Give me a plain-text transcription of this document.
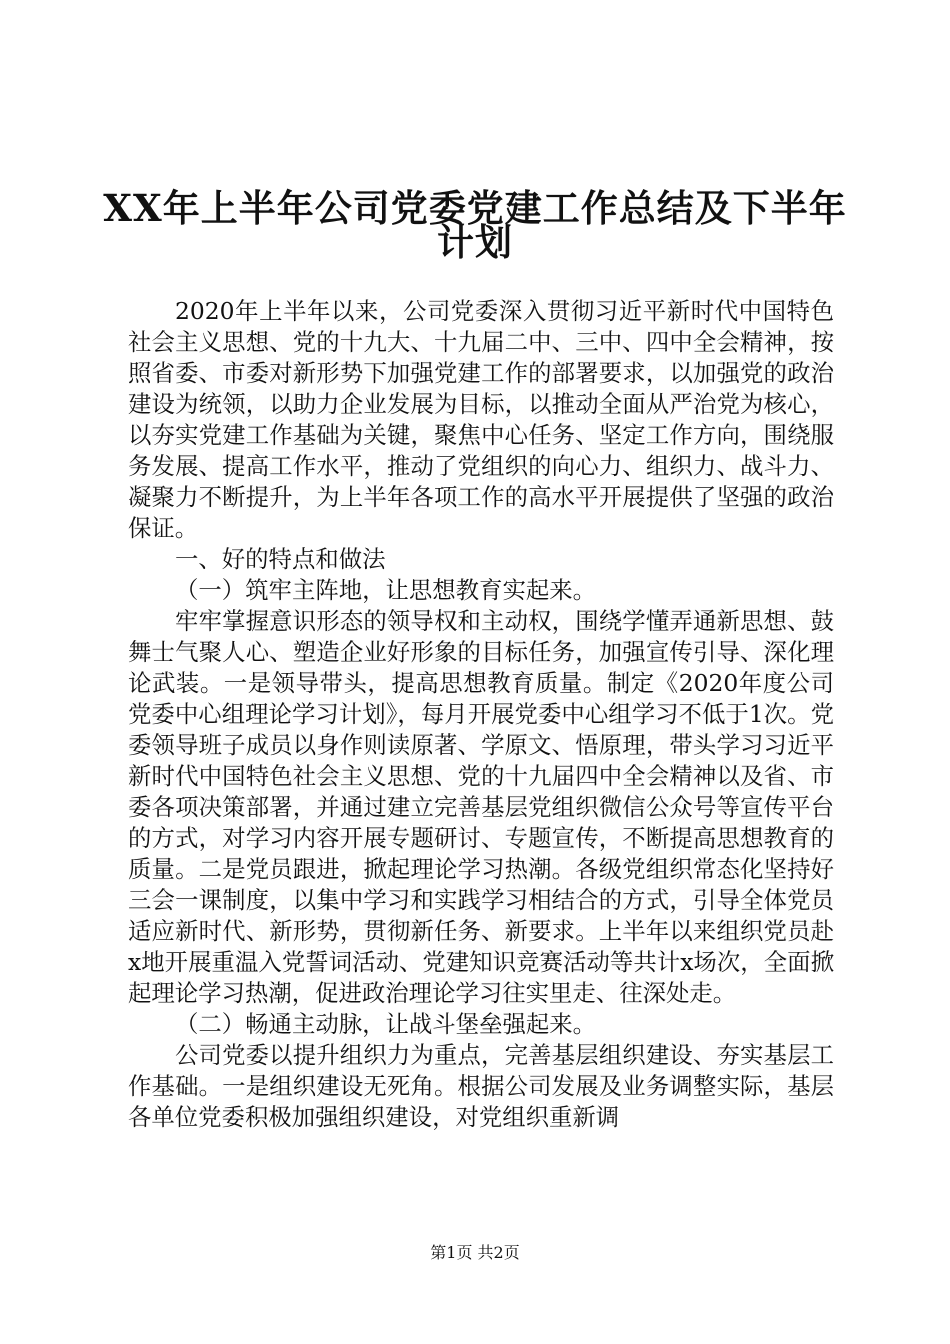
XX年上半年公司党委党建工作总结及下半年
计划

2020年上半年以来，公司党委深入贯彻习近平新时代中国特色社会主义思想、党的十九大、十九届二中、三中、四中全会精神，按照省委、市委对新形势下加强党建工作的部署要求，以加强党的政治建设为统领，以助力企业发展为目标，以推动全面从严治党为核心，以夯实党建工作基础为关键，聚焦中心任务、坚定工作方向，围绕服务发展、提高工作水平，推动了党组织的向心力、组织力、战斗力、凝聚力不断提升，为上半年各项工作的高水平开展提供了坚强的政治保证。

一、好的特点和做法

（一）筑牢主阵地，让思想教育实起来。

牢牢掌握意识形态的领导权和主动权，围绕学懂弄通新思想、鼓舞士气聚人心、塑造企业好形象的目标任务，加强宣传引导、深化理论武装。一是领导带头，提高思想教育质量。制定《2020年度公司党委中心组理论学习计划》，每月开展党委中心组学习不低于1次。党委领导班子成员以身作则读原著、学原文、悟原理，带头学习习近平新时代中国特色社会主义思想、党的十九届四中全会精神以及省、市委各项决策部署，并通过建立完善基层党组织微信公众号等宣传平台的方式，对学习内容开展专题研讨、专题宣传，不断提高思想教育的质量。二是党员跟进，掀起理论学习热潮。各级党组织常态化坚持好三会一课制度，以集中学习和实践学习相结合的方式，引导全体党员适应新时代、新形势，贯彻新任务、新要求。上半年以来组织党员赴x地开展重温入党誓词活动、党建知识竞赛活动等共计x场次，全面掀起理论学习热潮，促进政治理论学习往实里走、往深处走。

（二）畅通主动脉，让战斗堡垒强起来。

公司党委以提升组织力为重点，完善基层组织建设、夯实基层工作基础。一是组织建设无死角。根据公司发展及业务调整实际，基层各单位党委积极加强组织建设，对党组织重新调

第1页 共2页
